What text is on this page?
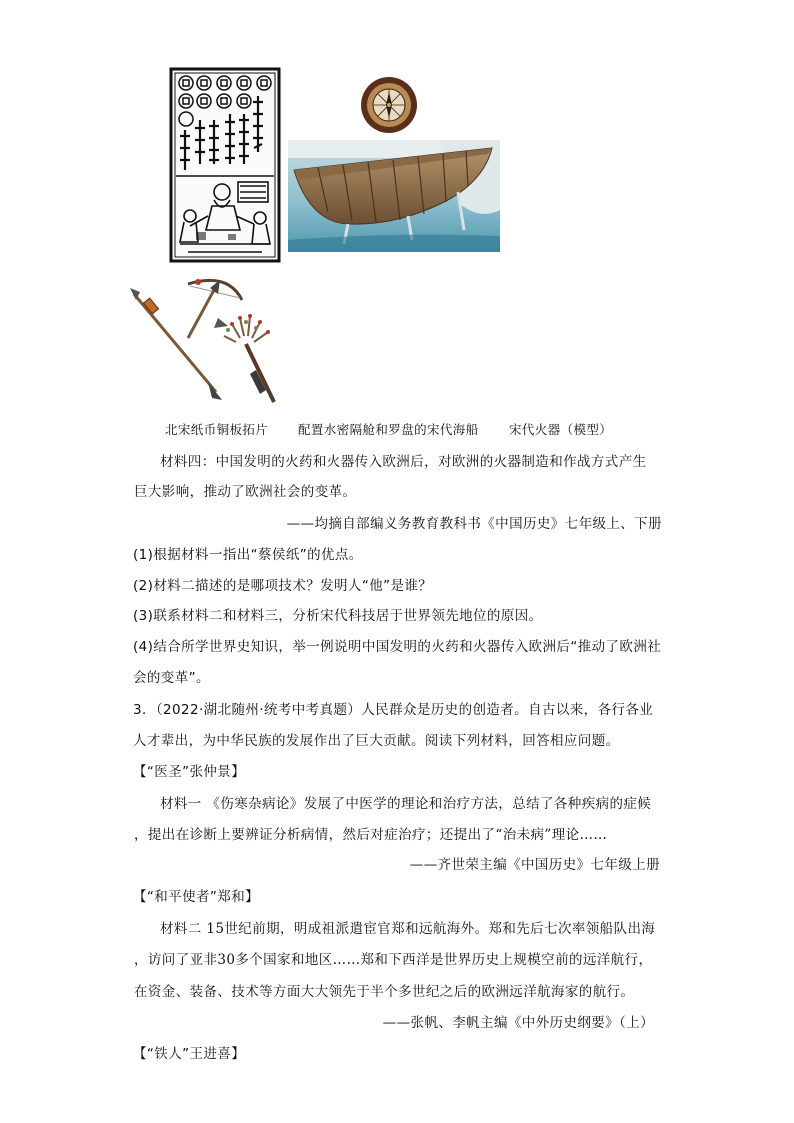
北宋纸币铜板拓片 配置水密隔舱和罗盘的宋代海船 宋代火器（模型）
材料四：中国发明的火药和火器传入欧洲后，对欧洲的火器制造和作战方式产生
巨大影响，推动了欧洲社会的变革。
——均摘自部编义务教育教科书《中国历史》七年级上、下册
(1)根据材料一指出“蔡侯纸”的优点。
(2)材料二描述的是哪项技术？发明人“他”是谁？
(3)联系材料二和材料三，分析宋代科技居于世界领先地位的原因。
(4)结合所学世界史知识，举一例说明中国发明的火药和火器传入欧洲后“推动了欧洲社
会的变革”。
3．（2022·湖北随州·统考中考真题）人民群众是历史的创造者。自古以来，各行各业
人才辈出，为中华民族的发展作出了巨大贡献。阅读下列材料，回答相应问题。
【“医圣”张仲景】
材料一 《伤寒杂病论》发展了中医学的理论和治疗方法，总结了各种疾病的症候
，提出在诊断上要辨证分析病情，然后对症治疗；还提出了“治未病”理论……
——齐世荣主编《中国历史》七年级上册
【“和平使者”郑和】
材料二 15世纪前期，明成祖派遣宦官郑和远航海外。郑和先后七次率领船队出海
，访问了亚非30多个国家和地区……郑和下西洋是世界历史上规模空前的远洋航行，
在资金、装备、技术等方面大大领先于半个多世纪之后的欧洲远洋航海家的航行。
——张帆、李帆主编《中外历史纲要》（上）
【“铁人”王进喜】
